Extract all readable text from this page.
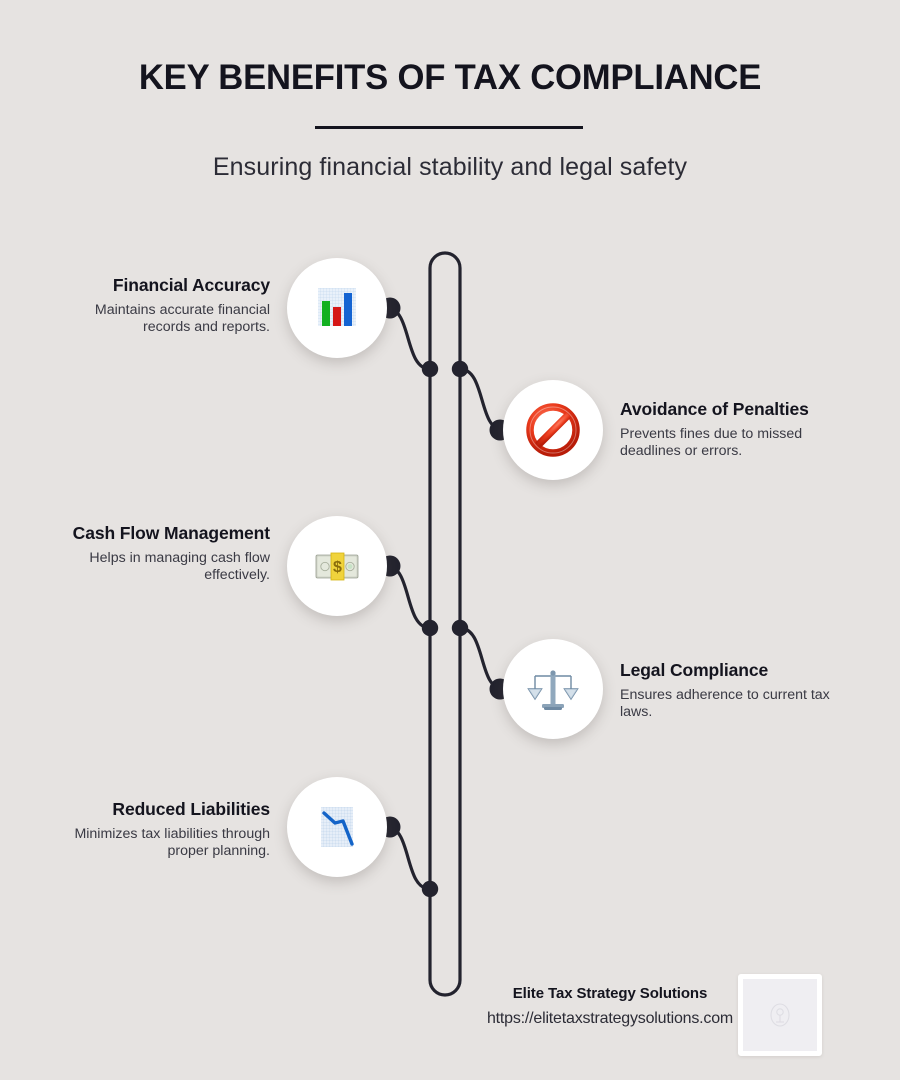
KEY BENEFITS OF TAX COMPLIANCE
Ensuring financial stability and legal safety

Financial Accuracy

Maintains accurate financial records and reports.

Avoidance of Penalties

Prevents fines due to missed deadlines or errors.

$

Cash Flow Management

Helps in managing cash flow effectively.

Legal Compliance

Ensures adherence to current tax laws.

Reduced Liabilities

Minimizes tax liabilities through proper planning.

Elite Tax Strategy Solutions
https://elitetaxstrategysolutions.com
